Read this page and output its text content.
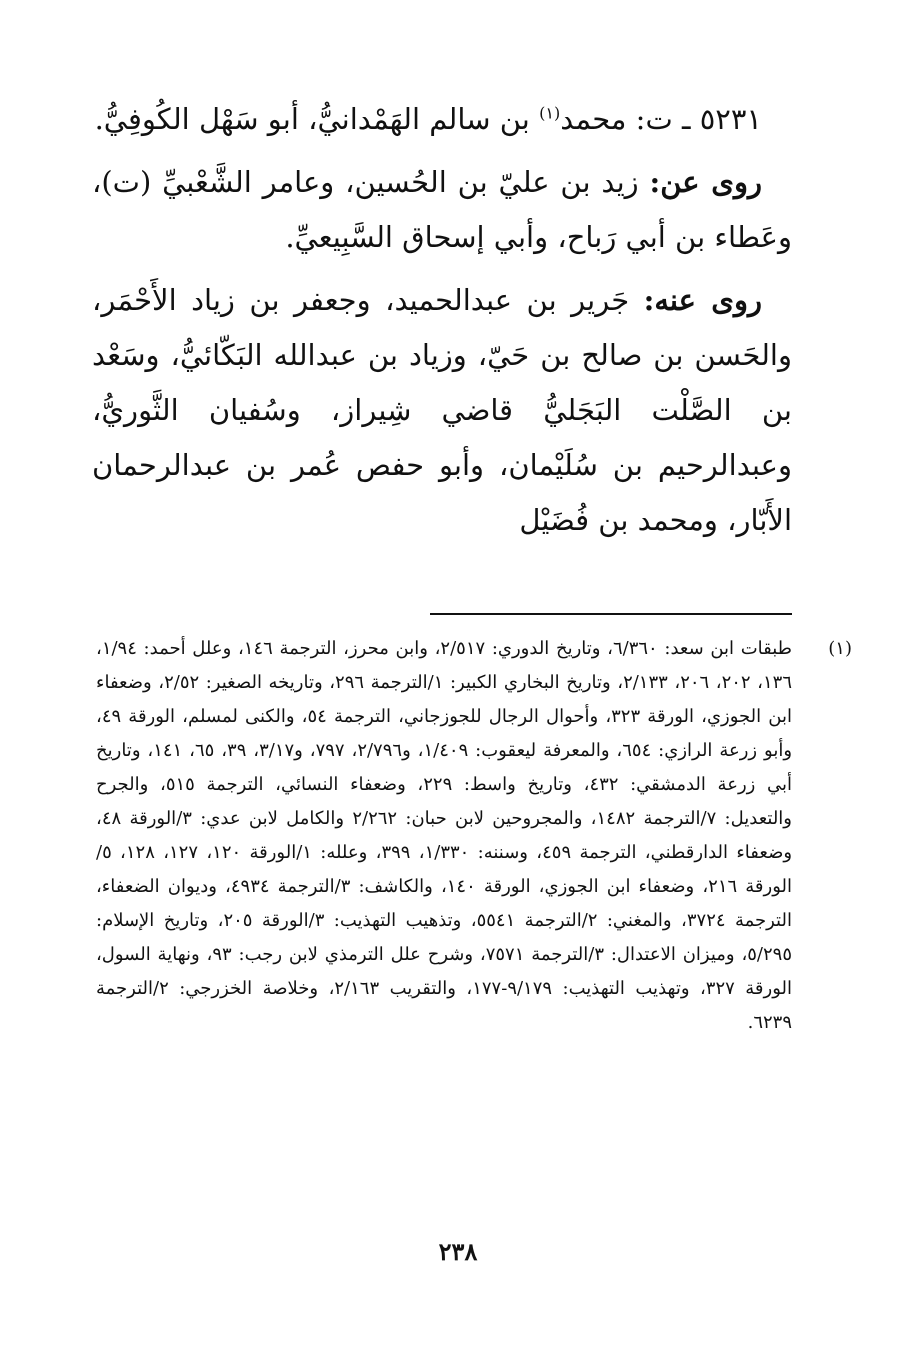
٥٢٣١ ـ ت: محمد$^{(١)}$ بن سالم الهَمْدانيُّ، أبو سَهْل الكُوفِيُّ.

روى عن: زيد بن عليّ بن الحُسين، وعامر الشَّعْبيِّ (ت)، وعَطاء بن أبي رَباح، وأبي إسحاق السَّبِيعيِّ.

روى عنه: جَرير بن عبدالحميد، وجعفر بن زياد الأَحْمَر، والحَسن بن صالح بن حَيّ، وزياد بن عبدالله البَكّائيُّ، وسَعْد بن الصَّلْت البَجَليُّ قاضي شِيراز، وسُفيان الثَّوريُّ، وعبدالرحيم بن سُلَيْمان، وأبو حفص عُمر بن عبدالرحمان الأَبّار، ومحمد بن فُضَيْل

(١)
طبقات ابن سعد: ٦/٣٦٠، وتاريخ الدوري: ٢/٥١٧، وابن محرز، الترجمة ١٤٦، وعلل أحمد: ١/٩٤، ١٣٦، ٢٠٢، ٢٠٦، ٢/١٣٣، وتاريخ البخاري الكبير: ١/الترجمة ٢٩٦، وتاريخه الصغير: ٢/٥٢، وضعفاء ابن الجوزي، الورقة ٣٢٣، وأحوال الرجال للجوزجاني، الترجمة ٥٤، والكنى لمسلم، الورقة ٤٩، وأبو زرعة الرازي: ٦٥٤، والمعرفة ليعقوب: ١/٤٠٩، و٢/٧٩٦، ٧٩٧، و٣/١٧، ٣٩، ٦٥، ١٤١، وتاريخ أبي زرعة الدمشقي: ٤٣٢، وتاريخ واسط: ٢٢٩، وضعفاء النسائي، الترجمة ٥١٥، والجرح والتعديل: ٧/الترجمة ١٤٨٢، والمجروحين لابن حبان: ٢/٢٦٢ والكامل لابن عدي: ٣/الورقة ٤٨، وضعفاء الدارقطني، الترجمة ٤٥٩، وسننه: ١/٣٣٠، ٣٩٩، وعلله: ١/الورقة ١٢٠، ١٢٧، ١٢٨، ٥/الورقة ٢١٦، وضعفاء ابن الجوزي، الورقة ١٤٠، والكاشف: ٣/الترجمة ٤٩٣٤، وديوان الضعفاء، الترجمة ٣٧٢٤، والمغني: ٢/الترجمة ٥٥٤١، وتذهيب التهذيب: ٣/الورقة ٢٠٥، وتاريخ الإسلام: ٥/٢٩٥، وميزان الاعتدال: ٣/الترجمة ٧٥٧١، وشرح علل الترمذي لابن رجب: ٩٣، ونهاية السول، الورقة ٣٢٧، وتهذيب التهذيب: ٩/١٧٩-١٧٧، والتقريب ٢/١٦٣، وخلاصة الخزرجي: ٢/الترجمة ٦٢٣٩.
٢٣٨
